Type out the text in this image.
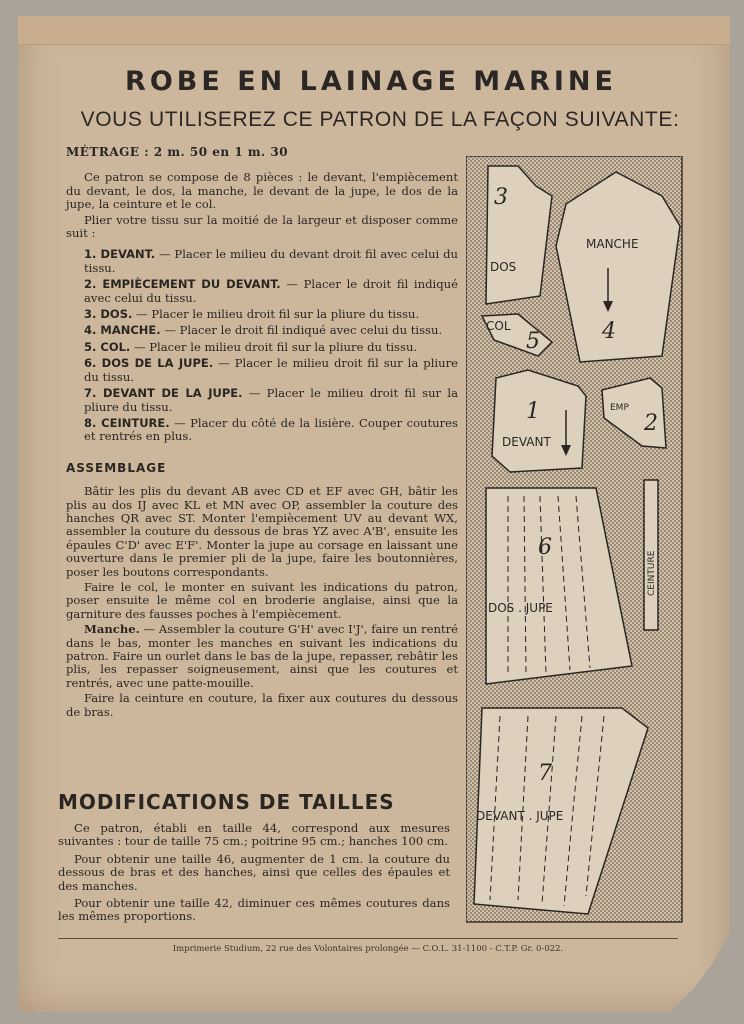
ROBE EN LAINAGE MARINE
VOUS UTILISEREZ CE PATRON DE LA FAÇON SUIVANTE:

MÉTRAGE : 2 m. 50 en 1 m. 30

Ce patron se compose de 8 pièces : le devant, l'empiècement du devant, le dos, la manche, le devant de la jupe, le dos de la jupe, la ceinture et le col.

Plier votre tissu sur la moitié de la largeur et disposer comme suit :

1. DEVANT. — Placer le milieu du devant droit fil avec celui du tissu.

2. EMPIÈCEMENT DU DEVANT. — Placer le droit fil indiqué avec celui du tissu.

3. DOS. — Placer le milieu droit fil sur la pliure du tissu.

4. MANCHE. — Placer le droit fil indiqué avec celui du tissu.

5. COL. — Placer le milieu droit fil sur la pliure du tissu.

6. DOS DE LA JUPE. — Placer le milieu droit fil sur la pliure du tissu.

7. DEVANT DE LA JUPE. — Placer le milieu droit fil sur la pliure du tissu.

8. CEINTURE. — Placer du côté de la lisière. Couper coutures et rentrés en plus.

ASSEMBLAGE

Bâtir les plis du devant AB avec CD et EF avec GH, bâtir les plis au dos IJ avec KL et MN avec OP, assembler la couture des hanches QR avec ST. Monter l'empiècement UV au devant WX, assembler la couture du dessous de bras YZ avec A'B', ensuite les épaules C'D' avec E'F'. Monter la jupe au corsage en laissant une ouverture dans le premier pli de la jupe, faire les boutonnières, poser les boutons correspondants.

Faire le col, le monter en suivant les indications du patron, poser ensuite le même col en broderie anglaise, ainsi que la garniture des fausses poches à l'empiècement.

Manche. — Assembler la couture G'H' avec I'J', faire un rentré dans le bas, monter les manches en suivant les indications du patron. Faire un ourlet dans le bas de la jupe, repasser, rebâtir les plis, les repasser soigneusement, ainsi que les coutures et rentrés, avec une patte-mouille.

Faire la ceinture en couture, la fixer aux coutures du dessous de bras.

MODIFICATIONS DE TAILLES

Ce patron, établi en taille 44, correspond aux mesures suivantes : tour de taille 75 cm.; poitrine 95 cm.; hanches 100 cm.

Pour obtenir une taille 46, augmenter de 1 cm. la couture du dessous de bras et des hanches, ainsi que celles des épaules et des manches.

Pour obtenir une taille 42, diminuer ces mêmes coutures dans les mêmes proportions.

Imprimerie Studium, 22 rue des Volontaires prolongée — C.O.L. 31-1100 - C.T.P. Gr. 0-022.
3
DOS
MANCHE
4
COL
5
1
DEVANT
EMP
2
6
DOS . JUPE
CEINTURE
7
DEVANT . JUPE
